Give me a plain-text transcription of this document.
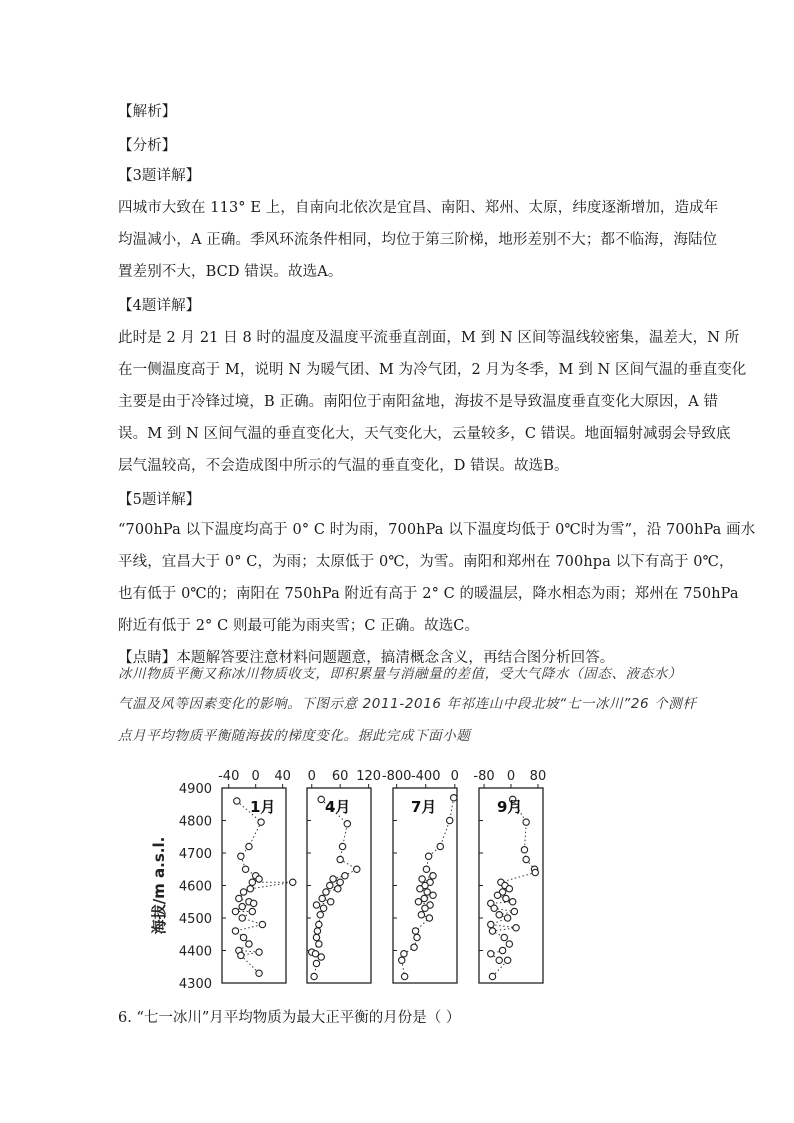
【解析】
【分析】
【3题详解】
四城市大致在 113° E 上，自南向北依次是宜昌、南阳、郑州、太原，纬度逐渐增加，造成年
均温减小，A 正确。季风环流条件相同，均位于第三阶梯，地形差别不大；都不临海，海陆位
置差别不大，BCD 错误。故选A。
【4题详解】
此时是 2 月 21 日 8 时的温度及温度平流垂直剖面，M 到 N 区间等温线较密集，温差大，N 所
在一侧温度高于 M，说明 N 为暖气团、M 为冷气团，2 月为冬季，M 到 N 区间气温的垂直变化
主要是由于冷锋过境，B 正确。南阳位于南阳盆地，海拔不是导致温度垂直变化大原因，A 错
误。M 到 N 区间气温的垂直变化大，天气变化大，云量较多，C 错误。地面辐射减弱会导致底
层气温较高，不会造成图中所示的气温的垂直变化，D 错误。故选B。
【5题详解】
“700hPa 以下温度均高于 0° C 时为雨，700hPa 以下温度均低于 0℃时为雪”，沿 700hPa 画水
平线，宜昌大于 0° C，为雨；太原低于 0℃，为雪。南阳和郑州在 700hpa 以下有高于 0℃，
也有低于 0℃的；南阳在 750hPa 附近有高于 2° C 的暖温层，降水相态为雨；郑州在 750hPa
附近有低于 2° C 则最可能为雨夹雪；C 正确。故选C。
【点睛】本题解答要注意材料问题题意，搞清概念含义，再结合图分析回答。
冰川物质平衡又称冰川物质收支，即积累量与消融量的差值，受大气降水（固态、液态水）
气温及风等因素变化的影响。下图示意 2011-2016 年祁连山中段北坡“七一冰川”26 个测杆
点月平均物质平衡随海拔的梯度变化。据此完成下面小题
海拔/m a.s.l.
4300
4400
4500
4600
4700
4800
4900
-40 0 40
1月
0 60 120
4月
-800 -400 0
7月
-80 0 80
9月
6. “七一冰川”月平均物质为最大正平衡的月份是（ ）
